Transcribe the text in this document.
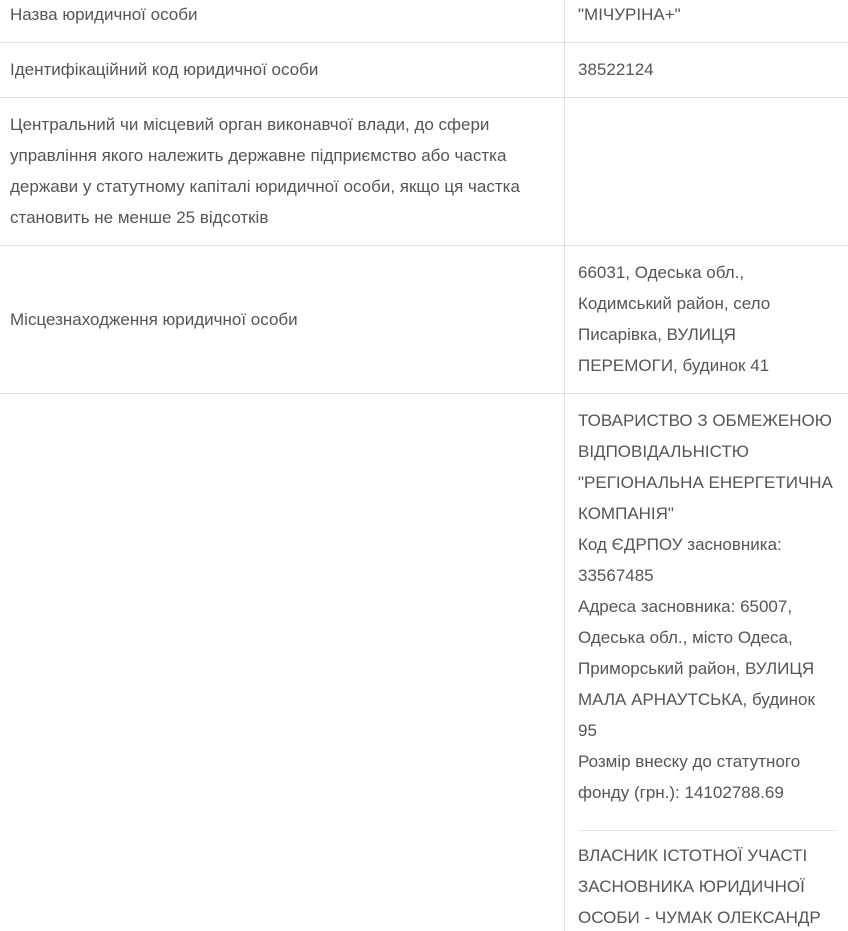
Назва юридичної особи	"МІЧУРІНА+"
Ідентифікаційний код юридичної особи	38522124
Центральний чи місцевий орган виконавчої влади, до сфери управління якого належить державне підприємство або частка держави у статутному капіталі юридичної особи, якщо ця частка становить не менше 25 відсотків	
Місцезнаходження юридичної особи	66031, Одеська обл., Кодимський район, село Писарівка, ВУЛИЦЯ ПЕРЕМОГИ, будинок 41

	ТОВАРИСТВО З ОБМЕЖЕНОЮ ВІДПОВІДАЛЬНІСТЮ "РЕГІОНАЛЬНА ЕНЕРГЕТИЧНА КОМПАНІЯ"
Код ЄДРПОУ засновника: 33567485
Адреса засновника: 65007, Одеська обл., місто Одеса, Приморський район, ВУЛИЦЯ МАЛА АРНАУТСЬКА, будинок 95
Розмір внеску до статутного фонду (грн.): 14102788.69
ВЛАСНИК ІСТОТНОЇ УЧАСТІ ЗАСНОВНИКА ЮРИДИЧНОЇ ОСОБИ - ЧУМАК ОЛЕКСАНДР
